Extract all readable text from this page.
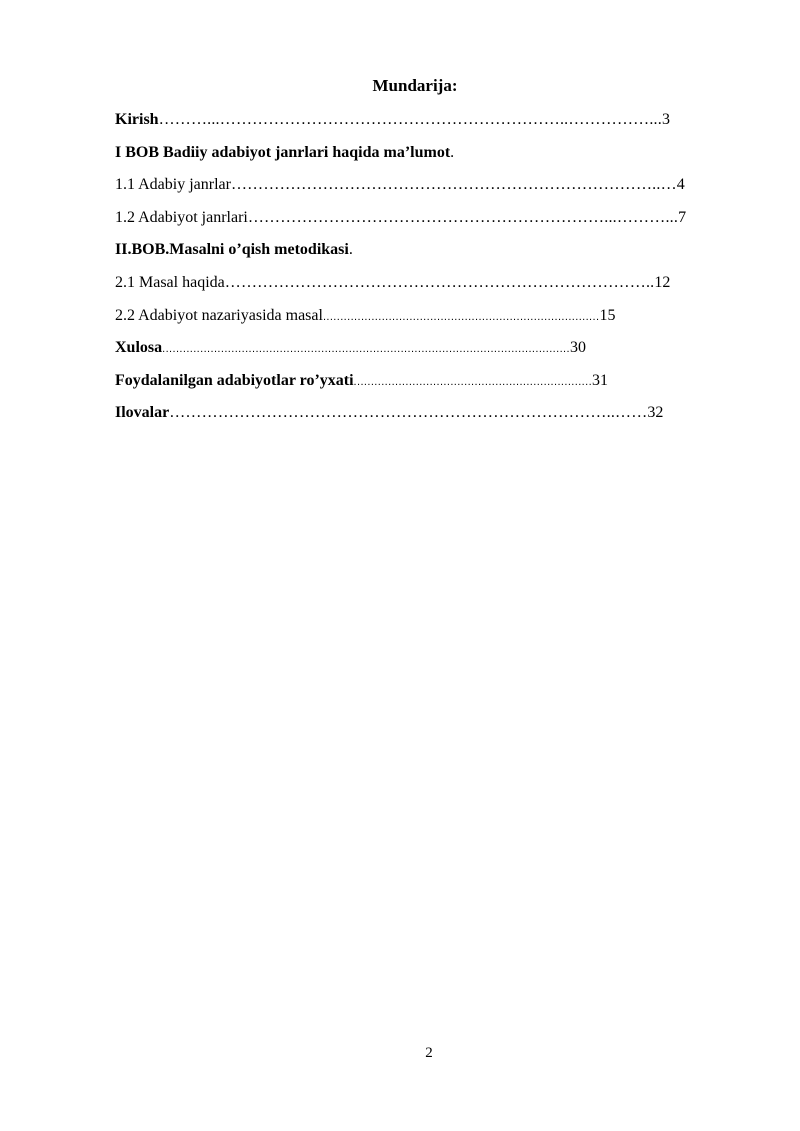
Mundarija:
Kirish………...………………………………………………………..……………...3
I BOB Badiiy adabiyot janrlari haqida ma’lumot.
1.1 Adabiy janrlar……………………………………………………………………..…4
1.2 Adabiyot janrlari…………………………………………………………...………...7
II.BOB.Masalni o’qish metodikasi.
2.1 Masal haqida……………………………………………………………………..12
2.2 Adabiyot nazariyasida masal................................................................................15
Xulosa......................................................................................................................30
Foydalanilgan adabiyotlar ro’yxati.....................................................................31
Ilovalar………………………………………………………………………..……32
2
